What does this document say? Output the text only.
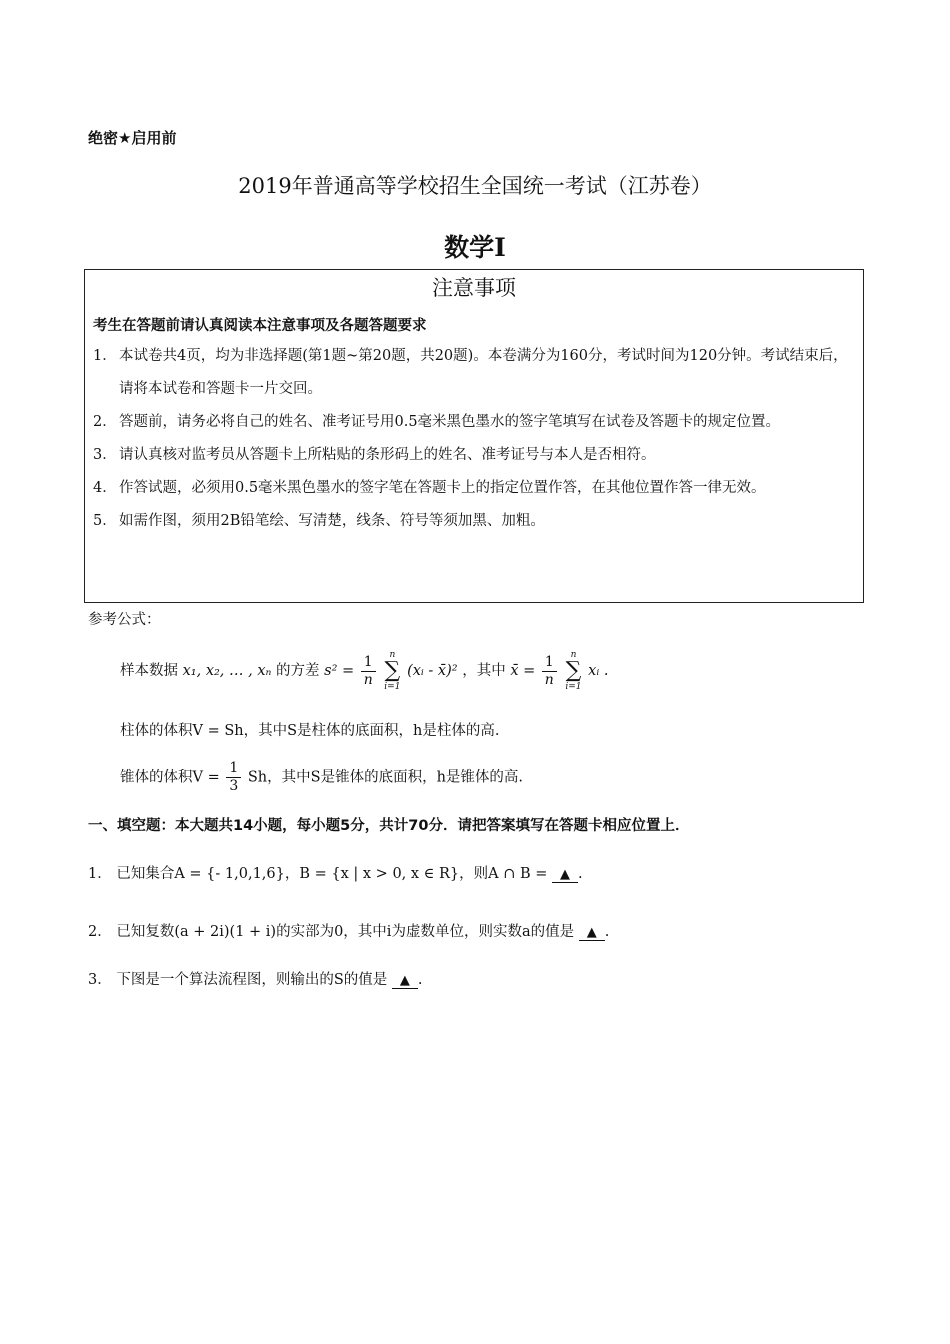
绝密★启用前
2019年普通高等学校招生全国统一考试（江苏卷）
数学Ⅰ
注意事项
考生在答题前请认真阅读本注意事项及各题答题要求
1． 本试卷共4页，均为非选择题(第1题~第20题，共20题)。本卷满分为160分，考试时间为120分钟。考试结束后，请将本试卷和答题卡一片交回。
2． 答题前，请务必将自己的姓名、准考证号用0.5毫米黑色墨水的签字笔填写在试卷及答题卡的规定位置。
3． 请认真核对监考员从答题卡上所粘贴的条形码上的姓名、准考证号与本人是否相符。
4． 作答试题，必须用0.5毫米黑色墨水的签字笔在答题卡上的指定位置作答，在其他位置作答一律无效。
5． 如需作图，须用2B铅笔绘、写清楚，线条、符号等须加黑、加粗。
参考公式：
样本数据 x₁, x₂, … , xₙ 的方差 $s^2 = \frac{1}{n}$
n
∑
i=1
(xᵢ - x̄)² ，其中 x̄ = $\frac{1}{n}$
n
∑
i=1
xᵢ .
柱体的体积V = Sh，其中S是柱体的底面积，h是柱体的高.
锥体的体积$V = \frac{1}{3}$ Sh，其中S是锥体的底面积，h是锥体的高.
一、填空题：本大题共14小题，每小题5分，共计70分．请把答案填写在答题卡相应位置上．
1． 已知集合A = {- 1,0,1,6}，B = {x | x > 0, x ∈ R}，则A ∩ B = ▲ .
2． 已知复数(a + 2i)(1 + i)的实部为0，其中i为虚数单位，则实数a的值是 ▲ .
3． 下图是一个算法流程图，则输出的S的值是 ▲ .
